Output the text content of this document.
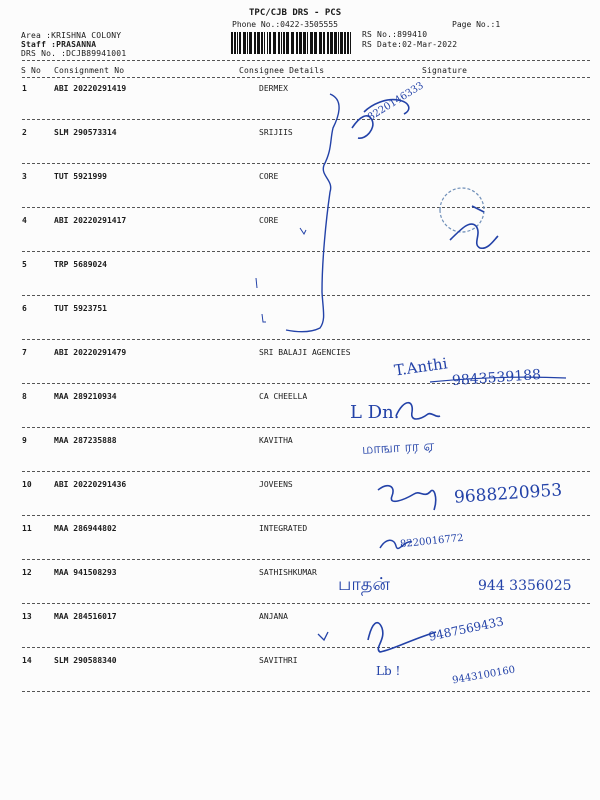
TPC/CJB DRS - PCS
Phone No.:0422-3505555	Page No.:1
Area :KRISHNA COLONY
Staff :PRASANNA
DRS No. :DCJB89941001
RS No.:899410
RS Date:02-Mar-2022
S No Consignment No	Consignee Details	Signature
1	ABI 20220291419	DERMEX
2	SLM 290573314	SRIJIIS
3	TUT 5921999	CORE
4	ABI 20220291417	CORE
5	TRP 5689024
6	TUT 5923751
7	ABI 20220291479	SRI BALAJI AGENCIES
8	MAA 289210934	CA CHEELLA
9	MAA 287235888	KAVITHA
10	ABI 20220291436	JOVEENS
11	MAA 286944802	INTEGRATED
12	MAA 941508293	SATHISHKUMAR
13	MAA 284516017	ANJANA
14	SLM 290588340	SAVITHRI
8220146333
T.Anthi 9843539188
L Dn.
மாஙா ரர ஏ
9688220953
8220016772
பாதன்	944 3356025
9487569433
Lb !	9443100160
